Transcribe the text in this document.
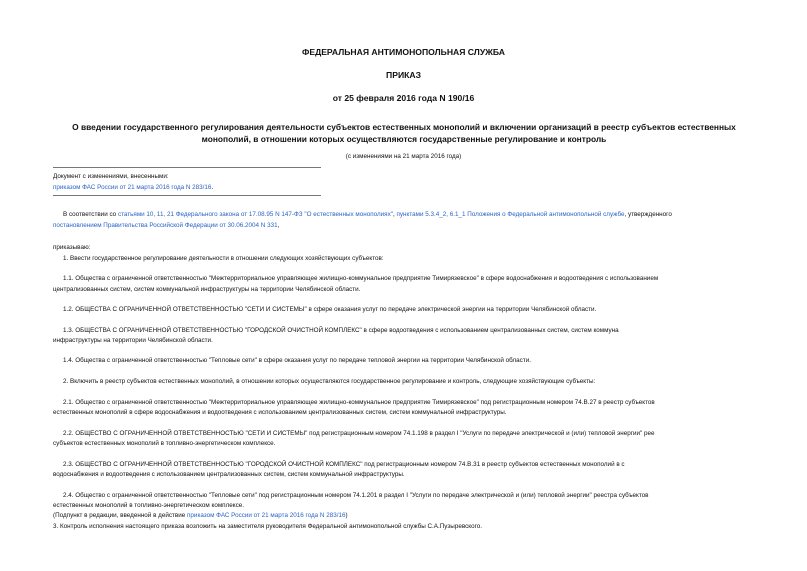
ФЕДЕРАЛЬНАЯ АНТИМОНОПОЛЬНАЯ СЛУЖБА
ПРИКАЗ
от 25 февраля 2016 года N 190/16
О введении государственного регулирования деятельности субъектов естественных монополий и включении организаций в реестр субъектов естественных
монополий, в отношении которых осуществляются государственные регулирование и контроль
(с изменениями на 21 марта 2016 года)
Документ с изменениями, внесенными:
приказом ФАС России от 21 марта 2016 года N 283/16.
В соответствии со статьями 10, 11, 21 Федерального закона от 17.08.95 N 147-ФЗ "О естественных монополиях", пунктами 5.3.4_2, 6.1_1 Положения о Федеральной антимонопольной службе, утвержденного
постановлением Правительства Российской Федерации от 30.06.2004 N 331,
приказываю:
1. Ввести государственное регулирование деятельности в отношении следующих хозяйствующих субъектов:
1.1. Общества с ограниченной ответственностью "Межтерриториальное управляющее жилищно-коммунальное предприятие Тимирязевское" в сфере водоснабжения и водоотведения с использованием
централизованных систем, систем коммунальной инфраструктуры на территории Челябинской области.
1.2. ОБЩЕСТВА С ОГРАНИЧЕННОЙ ОТВЕТСТВЕННОСТЬЮ "СЕТИ И СИСТЕМЫ" в сфере оказания услуг по передаче электрической энергии на территории Челябинской области.
1.3. ОБЩЕСТВА С ОГРАНИЧЕННОЙ ОТВЕТСТВЕННОСТЬЮ "ГОРОДСКОЙ ОЧИСТНОЙ КОМПЛЕКС" в сфере водоотведения с использованием централизованных систем, систем коммуна
инфраструктуры на территории Челябинской области.
1.4. Общества с ограниченной ответственностью "Тепловые сети" в сфере оказания услуг по передаче тепловой энергии на территории Челябинской области.
2. Включить в реестр субъектов естественных монополий, в отношении которых осуществляются государственное регулирование и контроль, следующие хозяйствующие субъекты:
2.1. Общество с ограниченной ответственностью "Межтерриториальное управляющее жилищно-коммунальное предприятие Тимирязевское" под регистрационным номером 74.В.27 в реестр субъектов
естественных монополий в сфере водоснабжения и водоотведения с использованием централизованных систем, систем коммунальной инфраструктуры.
2.2. ОБЩЕСТВО С ОГРАНИЧЕННОЙ ОТВЕТСТВЕННОСТЬЮ "СЕТИ И СИСТЕМЫ" под регистрационным номером 74.1.198 в раздел I "Услуги по передаче электрической и (или) тепловой энергии" рее
субъектов естественных монополий в топливно-энергетическом комплексе.
2.3. ОБЩЕСТВО С ОГРАНИЧЕННОЙ ОТВЕТСТВЕННОСТЬЮ "ГОРОДСКОЙ ОЧИСТНОЙ КОМПЛЕКС" под регистрационным номером 74.В.31 в реестр субъектов естественных монополий в с
водоснабжения и водоотведения с использованием централизованных систем, систем коммунальной инфраструктуры.
2.4. Общество с ограниченной ответственностью "Тепловые сети" под регистрационным номером 74.1.201 в раздел I "Услуги по передаче электрической и (или) тепловой энергии" реестра субъектов
естественных монополий в топливно-энергетическом комплексе.
(Подпункт в редакции, введенной в действие приказом ФАС России от 21 марта 2016 года N 283/16)
3. Контроль исполнения настоящего приказа возложить на заместителя руководителя Федеральной антимонопольной службы С.А.Пузыревского.
